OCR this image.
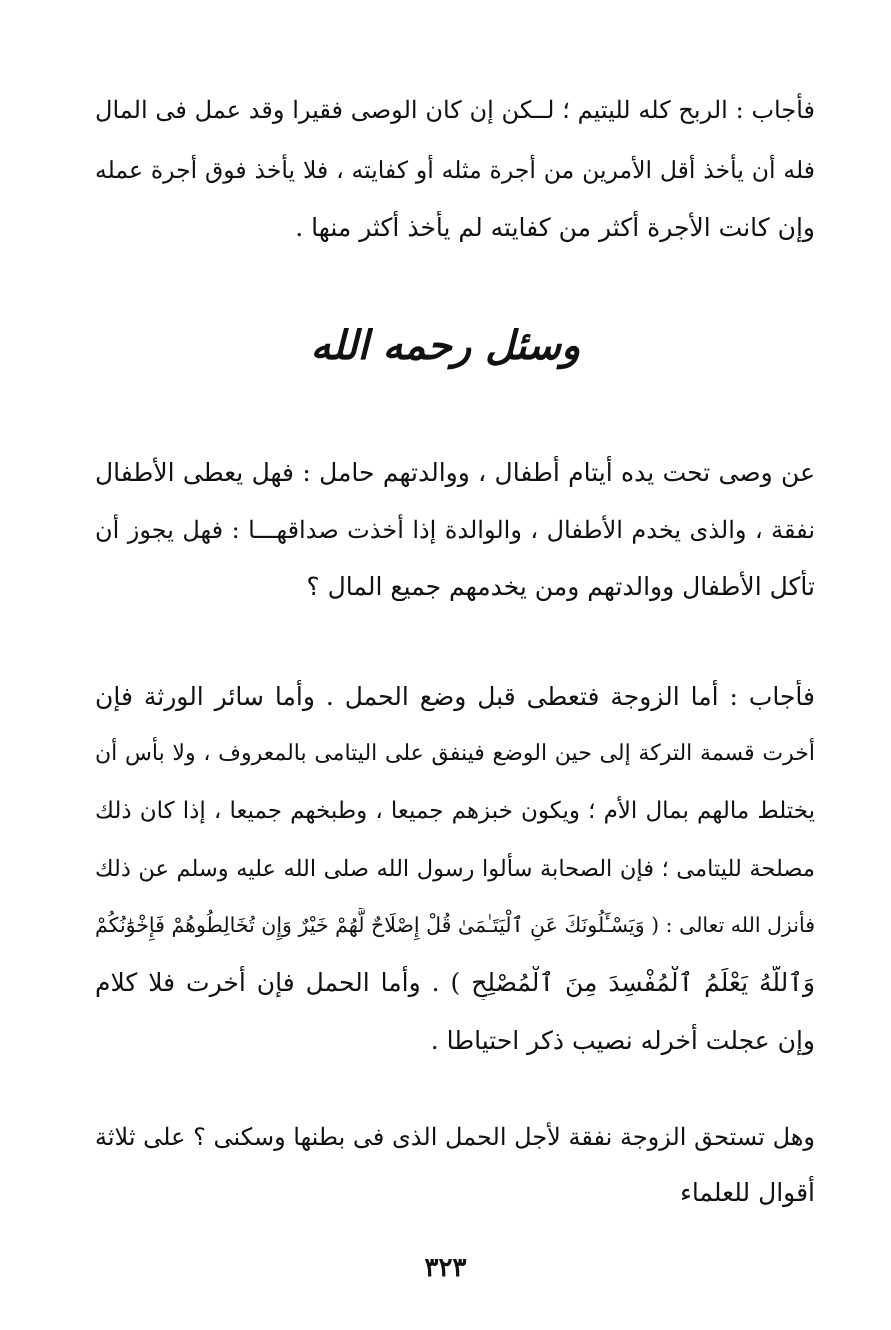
فأجاب : الربح كله لليتيم ؛ لــكن إن كان الوصى فقيرا وقد عمل فى المال
فله أن يأخذ أقل الأمرين من أجرة مثله أو كفايته ، فلا يأخذ فوق أجرة عمله
وإن كانت الأجرة أكثر من كفايته لم يأخذ أكثر منها .
وسئل رحمه الله
عن وصى تحت يده أيتام أطفال ، ووالدتهم حامل : فهل يعطى الأطفال
نفقة ، والذى يخدم الأطفال ، والوالدة إذا أخذت صداقهـــا : فهل يجوز أن
تأكل الأطفال ووالدتهم ومن يخدمهم جميع المال ؟
فأجاب : أما الزوجة فتعطى قبل وضع الحمل . وأما سائر الورثة فإن
أخرت قسمة التركة إلى حين الوضع فينفق على اليتامى بالمعروف ، ولا بأس أن
يختلط مالهم بمال الأم ؛ ويكون خبزهم جميعا ، وطبخهم جميعا ، إذا كان ذلك
مصلحة لليتامى ؛ فإن الصحابة سألوا رسول الله صلى الله عليه وسلم عن ذلك
فأنزل الله تعالى : ( وَيَسْـَٔلُونَكَ عَنِ ٱلْيَتَـٰمَىٰ قُلْ إِصْلَاحٌ لَّهُمْ خَيْرٌ وَإِن تُخَالِطُوهُمْ فَإِخْوَٰنُكُمْ
وَٱللَّهُ يَعْلَمُ ٱلْمُفْسِدَ مِنَ ٱلْمُصْلِحِ ) . وأما الحمل فإن أخرت فلا كلام
وإن عجلت أخرله نصيب ذكر احتياطا .
وهل تستحق الزوجة نفقة لأجل الحمل الذى فى بطنها وسكنى ؟ على ثلاثة
أقوال للعلماء
٣٢٣
